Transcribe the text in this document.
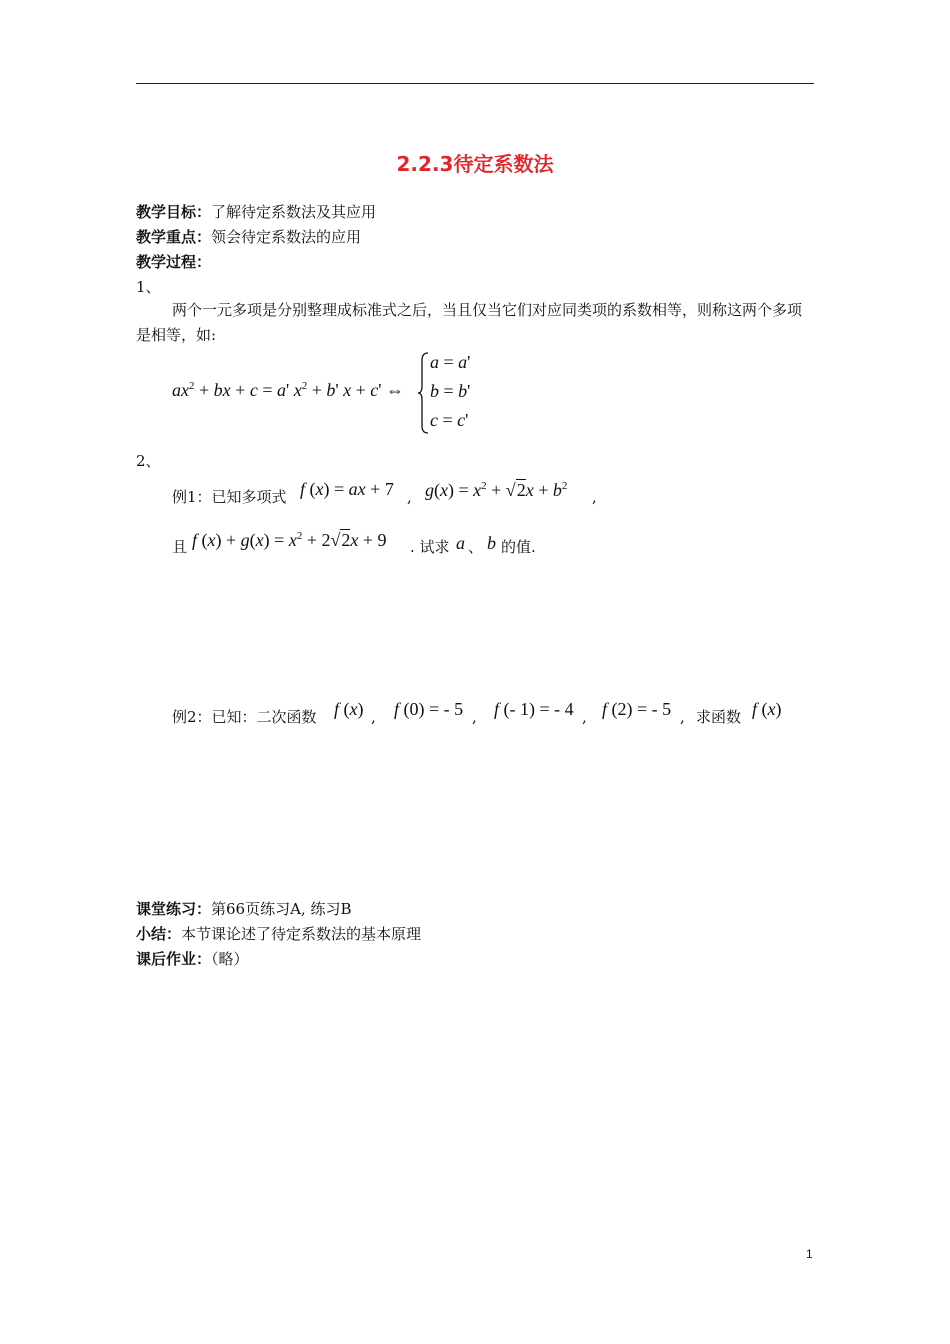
2.2.3待定系数法
教学目标：了解待定系数法及其应用
教学重点：领会待定系数法的应用
教学过程：
1、
两个一元多项是分别整理成标准式之后，当且仅当它们对应同类项的系数相等，则称这两个多项是相等，如:
$ax^2$ + bx + c = a' $x^2 + b'$ x + c' ⇔
a = a'
b = b'
c = c'
2、
例1：已知多项式 f (x) = ax + 7 , $g(x) = x^2 + √2x + b^2$
,
且 f $(x) + g(x) = x^2 + 2√2x + 9$ . 试求 a 、 b 的值.
例2：已知：二次函数 f (x) , f (0) = - 5 , f (- 1) = - 4 , f (2) = - 5 , 求函数 f (x)
课堂练习：第66页练习A, 练习B
小结：本节课论述了待定系数法的基本原理
课后作业：（略）
1
